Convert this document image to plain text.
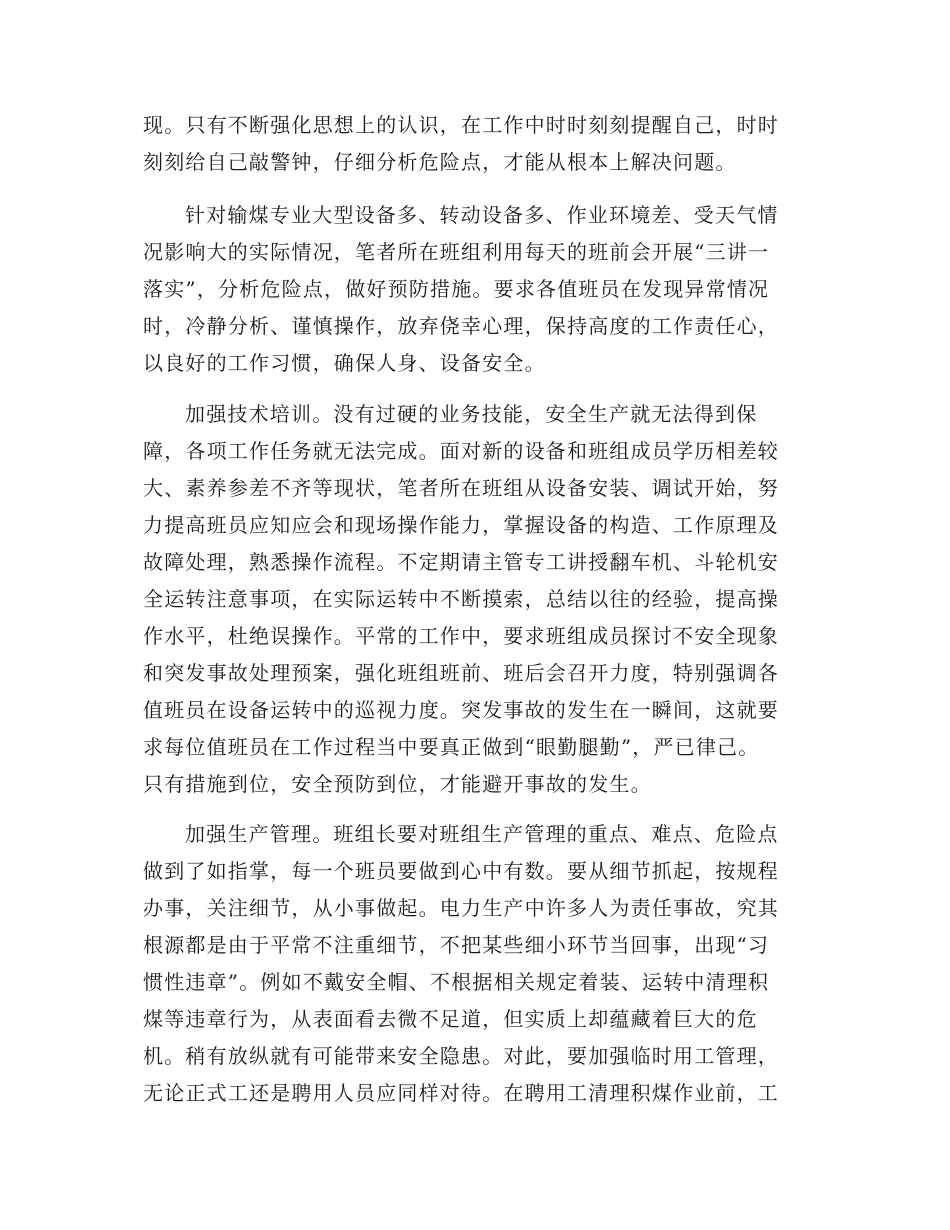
现。只有不断强化思想上的认识，在工作中时时刻刻提醒自己，时时
刻刻给自己敲警钟，仔细分析危险点，才能从根本上解决问题。
针对输煤专业大型设备多、转动设备多、作业环境差、受天气情
况影响大的实际情况，笔者所在班组利用每天的班前会开展“三讲一
落实”，分析危险点，做好预防措施。要求各值班员在发现异常情况
时，冷静分析、谨慎操作，放弃侥幸心理，保持高度的工作责任心，
以良好的工作习惯，确保人身、设备安全。
加强技术培训。没有过硬的业务技能，安全生产就无法得到保
障，各项工作任务就无法完成。面对新的设备和班组成员学历相差较
大、素养参差不齐等现状，笔者所在班组从设备安装、调试开始，努
力提高班员应知应会和现场操作能力，掌握设备的构造、工作原理及
故障处理，熟悉操作流程。不定期请主管专工讲授翻车机、斗轮机安
全运转注意事项，在实际运转中不断摸索，总结以往的经验，提高操
作水平，杜绝误操作。平常的工作中，要求班组成员探讨不安全现象
和突发事故处理预案，强化班组班前、班后会召开力度，特别强调各
值班员在设备运转中的巡视力度。突发事故的发生在一瞬间，这就要
求每位值班员在工作过程当中要真正做到“眼勤腿勤”，严已律己。
只有措施到位，安全预防到位，才能避开事故的发生。
加强生产管理。班组长要对班组生产管理的重点、难点、危险点
做到了如指掌，每一个班员要做到心中有数。要从细节抓起，按规程
办事，关注细节，从小事做起。电力生产中许多人为责任事故，究其
根源都是由于平常不注重细节，不把某些细小环节当回事，出现“习
惯性违章”。例如不戴安全帽、不根据相关规定着装、运转中清理积
煤等违章行为，从表面看去微不足道，但实质上却蕴藏着巨大的危
机。稍有放纵就有可能带来安全隐患。对此，要加强临时用工管理，
无论正式工还是聘用人员应同样对待。在聘用工清理积煤作业前，工
